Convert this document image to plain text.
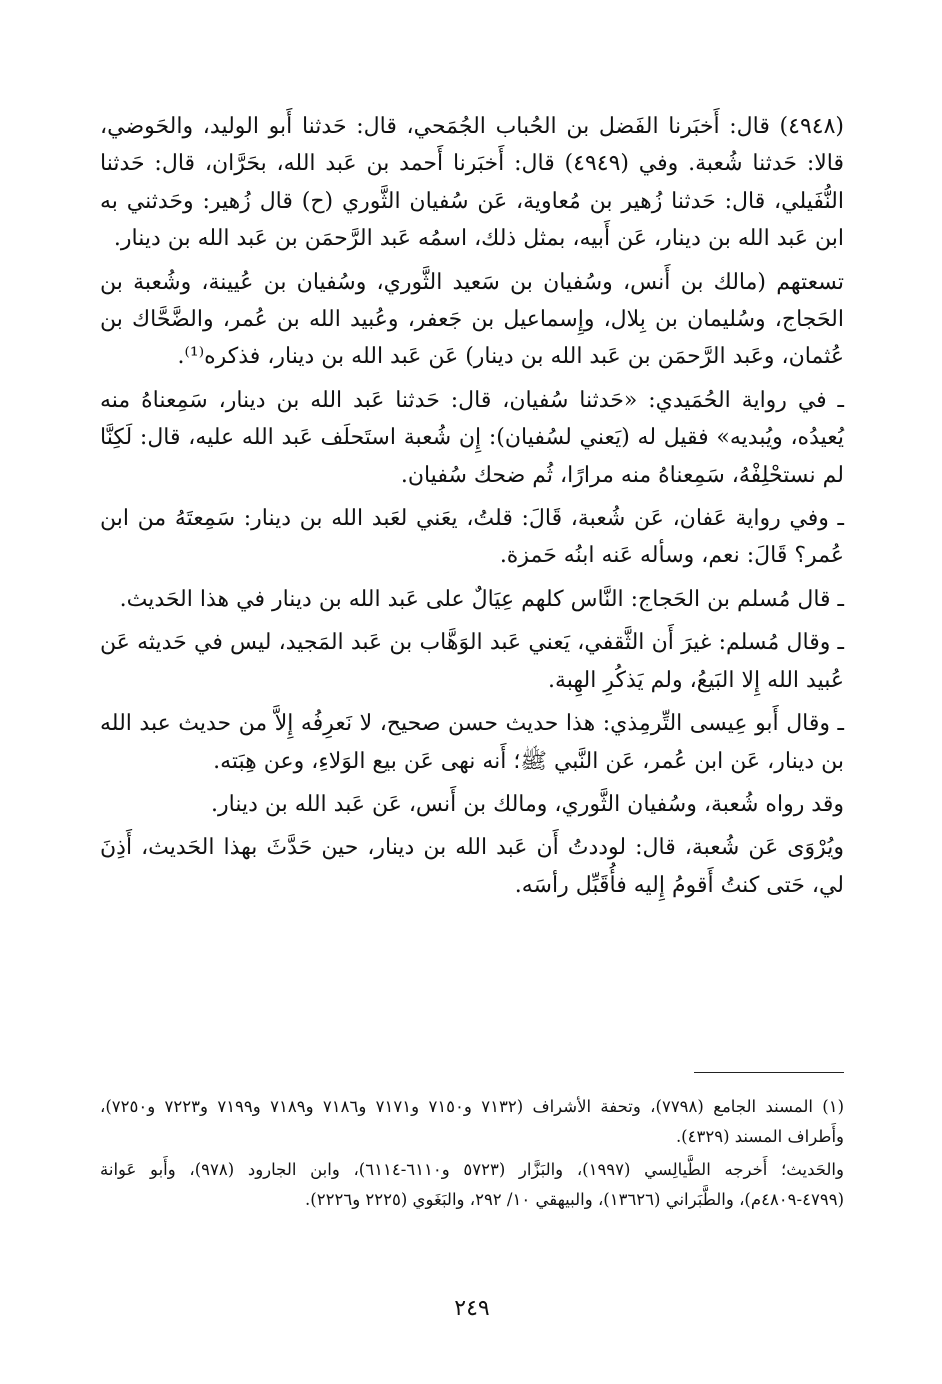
(٤٩٤٨) قال: أَخبَرنا الفَضل بن الحُباب الجُمَحي، قال: حَدثنا أَبو الوليد، والحَوضي، قالا: حَدثنا شُعبة. وفي (٤٩٤٩) قال: أَخبَرنا أَحمد بن عَبد الله، بحَرَّان، قال: حَدثنا النُّفَيلي، قال: حَدثنا زُهير بن مُعاوية، عَن سُفيان الثَّوري (ح) قال زُهير: وحَدثني به ابن عَبد الله بن دينار، عَن أَبيه، بمثل ذلك، اسمُه عَبد الرَّحمَن بن عَبد الله بن دينار.

تسعتهم (مالك بن أَنس، وسُفيان بن سَعيد الثَّوري، وسُفيان بن عُيينة، وشُعبة بن الحَجاج، وسُليمان بن بِلال، وإِسماعيل بن جَعفر، وعُبيد الله بن عُمر، والضَّحَّاك بن عُثمان، وعَبد الرَّحمَن بن عَبد الله بن دينار) عَن عَبد الله بن دينار، فذكره⁽¹⁾.

ـ في رواية الحُمَيدي: «حَدثنا سُفيان، قال: حَدثنا عَبد الله بن دينار، سَمِعناهُ منه يُعيدُه، ويُبديه» فقيل له (يَعني لسُفيان): إِن شُعبة استَحلَف عَبد الله عليه، قال: لَكِنَّا لم نستحْلِفْهُ، سَمِعناهُ منه مرارًا، ثُم ضحك سُفيان.

ـ وفي رواية عَفان، عَن شُعبة، قَالَ: قلتُ، يعَني لعَبد الله بن دينار: سَمِعتَهُ من ابن عُمر؟ قَالَ: نعم، وسأله عَنه ابنُه حَمزة.

ـ قال مُسلم بن الحَجاج: النَّاس كلهم عِيَالٌ على عَبد الله بن دينار في هذا الحَديث.

ـ وقال مُسلم: غيرَ أَن الثَّقفي، يَعني عَبد الوَهَّاب بن عَبد المَجيد، ليس في حَديثه عَن عُبيد الله إِلا البَيعُ، ولم يَذكُرِ الهِبة.

ـ وقال أَبو عِيسى التِّرمِذي: هذا حديث حسن صحيح، لا نَعرِفُه إِلاَّ من حديث عبد الله بن دينار، عَن ابن عُمر، عَن النَّبي ﷺ؛ أَنه نهى عَن بيع الوَلاءِ، وعن هِبَته.

وقد رواه شُعبة، وسُفيان الثَّوري، ومالك بن أَنس، عَن عَبد الله بن دينار.

ويُرْوَى عَن شُعبة، قال: لوددتُ أَن عَبد الله بن دينار، حين حَدَّثَ بهذا الحَديث، أَذِنَ لي، حَتى كنتُ أَقومُ إِليه فأُقَبِّل رأسَه.

(١) المسند الجامع (٧٧٩٨)، وتحفة الأشراف (٧١٣٢ و٧١٥٠ و٧١٧١ و٧١٨٦ و٧١٨٩ و٧١٩٩ و٧٢٢٣ و٧٢٥٠)، وأَطراف المسند (٤٣٢٩).

والحَديث؛ أَخرجه الطَّيالِسي (١٩٩٧)، والبَزَّار (٥٧٢٣ و٦١١٠-٦١١٤)، وابن الجارود (٩٧٨)، وأَبو عَوانة (٤٧٩٩-٤٨٠٩م)، والطَّبَراني (١٣٦٢٦)، والبيهقي ١٠/ ٢٩٢، والبَغَوي (٢٢٢٥ و٢٢٢٦).

٢٤٩
